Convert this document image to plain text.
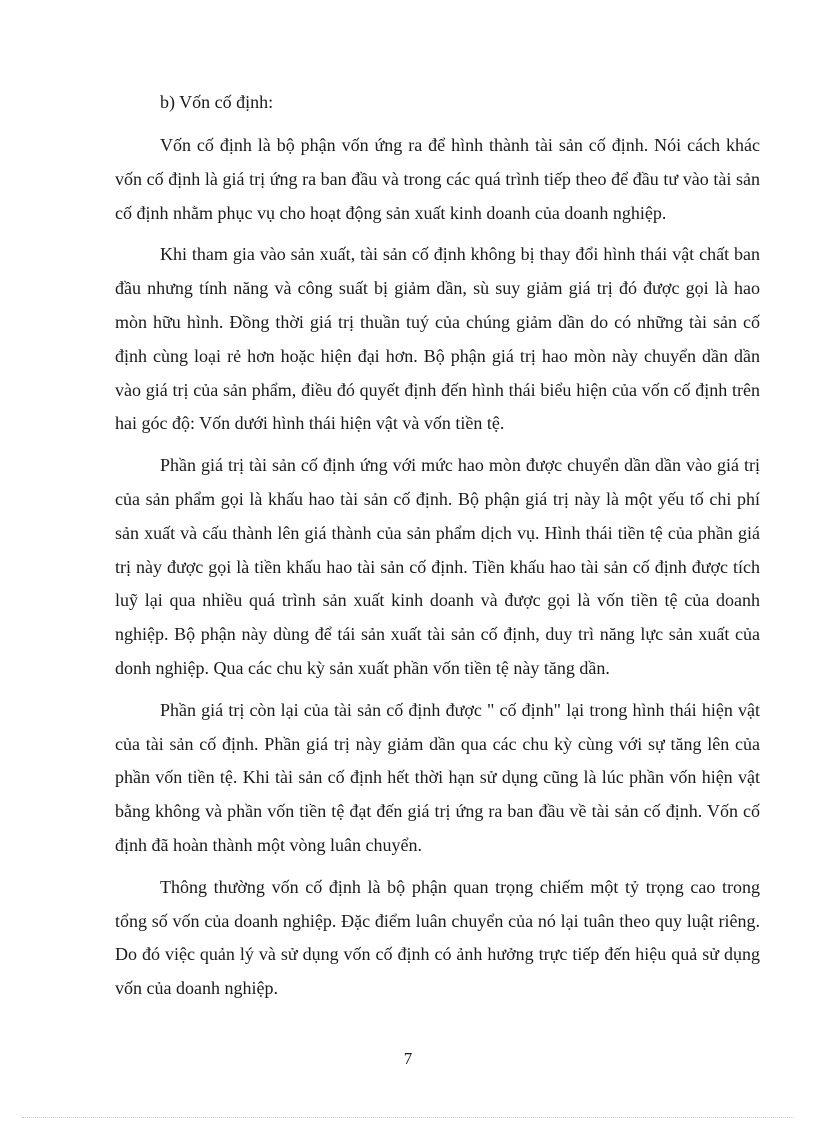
b) Vốn cố định:

Vốn cố định là bộ phận vốn ứng ra để hình thành tài sản cố định. Nói cách khác vốn cố định là giá trị ứng ra ban đầu và trong các quá trình tiếp theo để đầu tư vào tài sản cố định nhằm phục vụ cho hoạt động sản xuất kinh doanh của doanh nghiệp.

Khi tham gia vào sản xuất, tài sản cố định không bị thay đổi hình thái vật chất ban đầu nhưng tính năng và công suất bị giảm dần, sù suy giảm giá trị đó được gọi là hao mòn hữu hình. Đồng thời giá trị thuần tuý của chúng giảm dần do có những tài sản cố định cùng loại rẻ hơn hoặc hiện đại hơn. Bộ phận giá trị hao mòn này chuyển dần dần vào giá trị của sản phẩm, điều đó quyết định đến hình thái biểu hiện của vốn cố định trên hai góc độ: Vốn dưới hình thái hiện vật và vốn tiền tệ.

Phần giá trị tài sản cố định ứng với mức hao mòn được chuyển dần dần vào giá trị của sản phẩm gọi là khấu hao tài sản cố định. Bộ phận giá trị này là một yếu tố chi phí sản xuất và cấu thành lên giá thành của sản phẩm dịch vụ. Hình thái tiền tệ của phần giá trị này được gọi là tiền khấu hao tài sản cố định. Tiền khấu hao tài sản cố định được tích luỹ lại qua nhiều quá trình sản xuất kinh doanh và được gọi là vốn tiền tệ của doanh nghiệp. Bộ phận này dùng để tái sản xuất tài sản cố định, duy trì năng lực sản xuất của donh nghiệp. Qua các chu kỳ sản xuất phần vốn tiền tệ này tăng dần.

Phần giá trị còn lại của tài sản cố định được " cố định" lại trong hình thái hiện vật của tài sản cố định. Phần giá trị này giảm dần qua các chu kỳ cùng với sự tăng lên của phần vốn tiền tệ. Khi tài sản cố định hết thời hạn sử dụng cũng là lúc phần vốn hiện vật bằng không và phần vốn tiền tệ đạt đến giá trị ứng ra ban đầu về tài sản cố định. Vốn cố định đã hoàn thành một vòng luân chuyển.

Thông thường vốn cố định là bộ phận quan trọng chiếm một tỷ trọng cao trong tổng số vốn của doanh nghiệp. Đặc điểm luân chuyển của nó lại tuân theo quy luật riêng. Do đó việc quản lý và sử dụng vốn cố định có ảnh hưởng trực tiếp đến hiệu quả sử dụng vốn của doanh nghiệp.

7
